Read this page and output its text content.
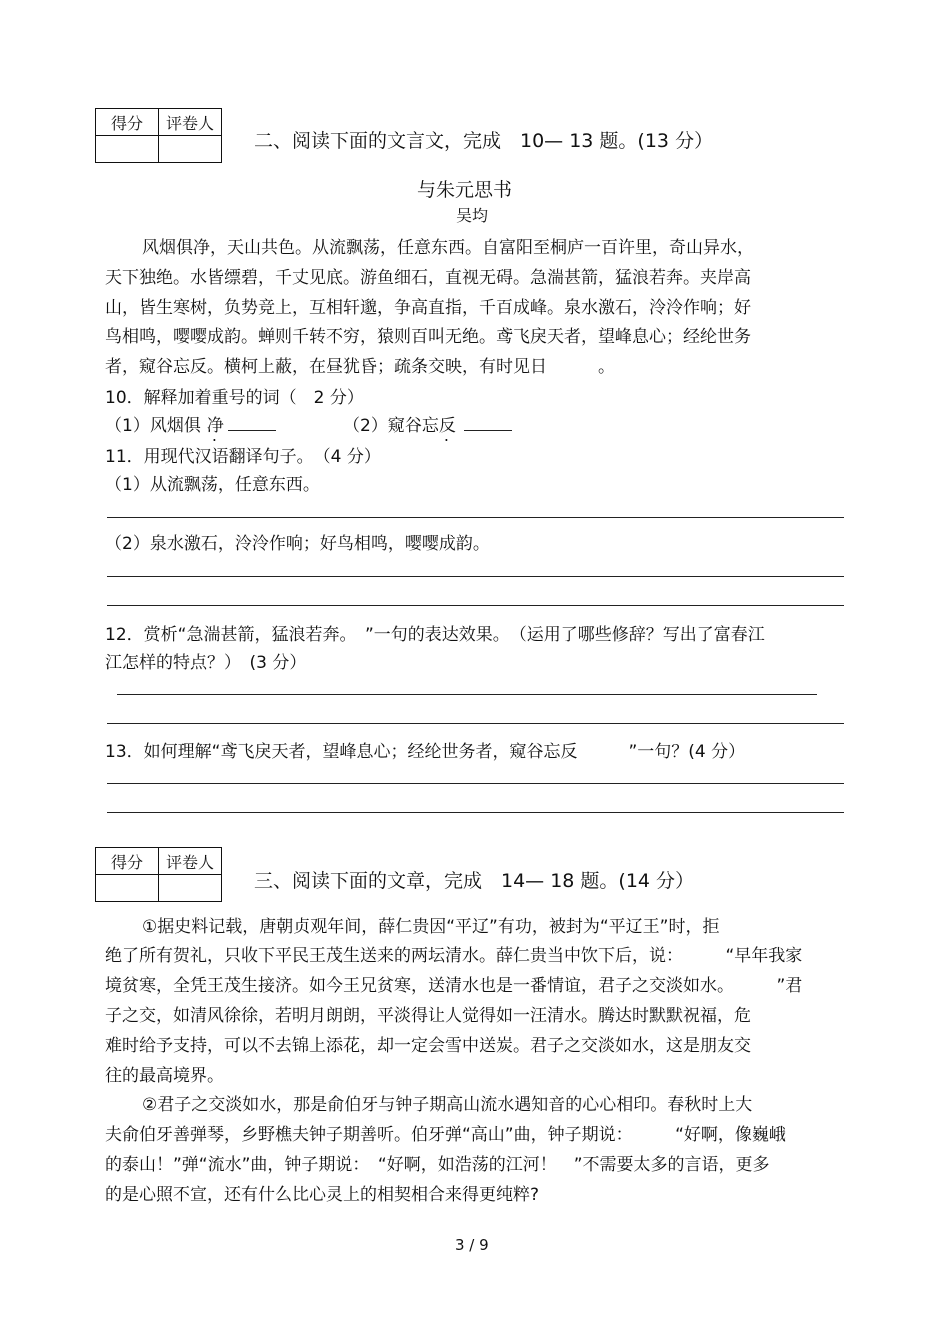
得分	评卷人

二、阅读下面的文言文，完成　10— 13 题。(13 分）
与朱元思书
吴均
风烟俱净，天山共色。从流飘荡，任意东西。自富阳至桐庐一百许里，奇山异水，
天下独绝。水皆缥碧，千丈见底。游鱼细石，直视无碍。急湍甚箭，猛浪若奔。夹岸高
山，皆生寒树，负势竞上，互相轩邈，争高直指，千百成峰。泉水激石，泠泠作响；好
鸟相鸣，嘤嘤成韵。蝉则千转不穷，猿则百叫无绝。鸢飞戾天者，望峰息心；经纶世务
者，窥谷忘反。横柯上蔽，在昼犹昏；疏条交映，有时见日　　　。
10．解释加着重号的词（　2 分）
（1）风烟俱 净	（2）窥谷忘反
11．用现代汉语翻译句子。　（4 分）
（1）从流飘荡，任意东西。
（2）泉水激石，泠泠作响；好鸟相鸣，嘤嘤成韵。
12．赏析“急湍甚箭，猛浪若奔。　”一句的表达效果。　（运用了哪些修辞？写出了富春江
江怎样的特点？）　(3 分）
13．如何理解“鸢飞戾天者，望峰息心；经纶世务者，窥谷忘反　　　”一句？(4 分）
得分	评卷人

三、阅读下面的文章，完成　14— 18 题。(14 分）
①据史料记载，唐朝贞观年间，薛仁贵因“平辽”有功，被封为“平辽王”时，拒
绝了所有贺礼，只收下平民王茂生送来的两坛清水。薛仁贵当中饮下后，说：　　　“早年我家
境贫寒，全凭王茂生接济。如今王兄贫寒，送清水也是一番情谊，君子之交淡如水。　　　”君
子之交，如清风徐徐，若明月朗朗，平淡得让人觉得如一汪清水。腾达时默默祝福，危
难时给予支持，可以不去锦上添花，却一定会雪中送炭。君子之交淡如水，这是朋友交
往的最高境界。
②君子之交淡如水，那是俞伯牙与钟子期高山流水遇知音的心心相印。春秋时上大
夫俞伯牙善弹琴，乡野樵夫钟子期善听。伯牙弹“高山”曲，钟子期说：　　　“好啊，像巍峨
的泰山！”弹“流水”曲，钟子期说：　“好啊，如浩荡的江河！　”不需要太多的言语，更多
的是心照不宣，还有什么比心灵上的相契相合来得更纯粹?
3 / 9
